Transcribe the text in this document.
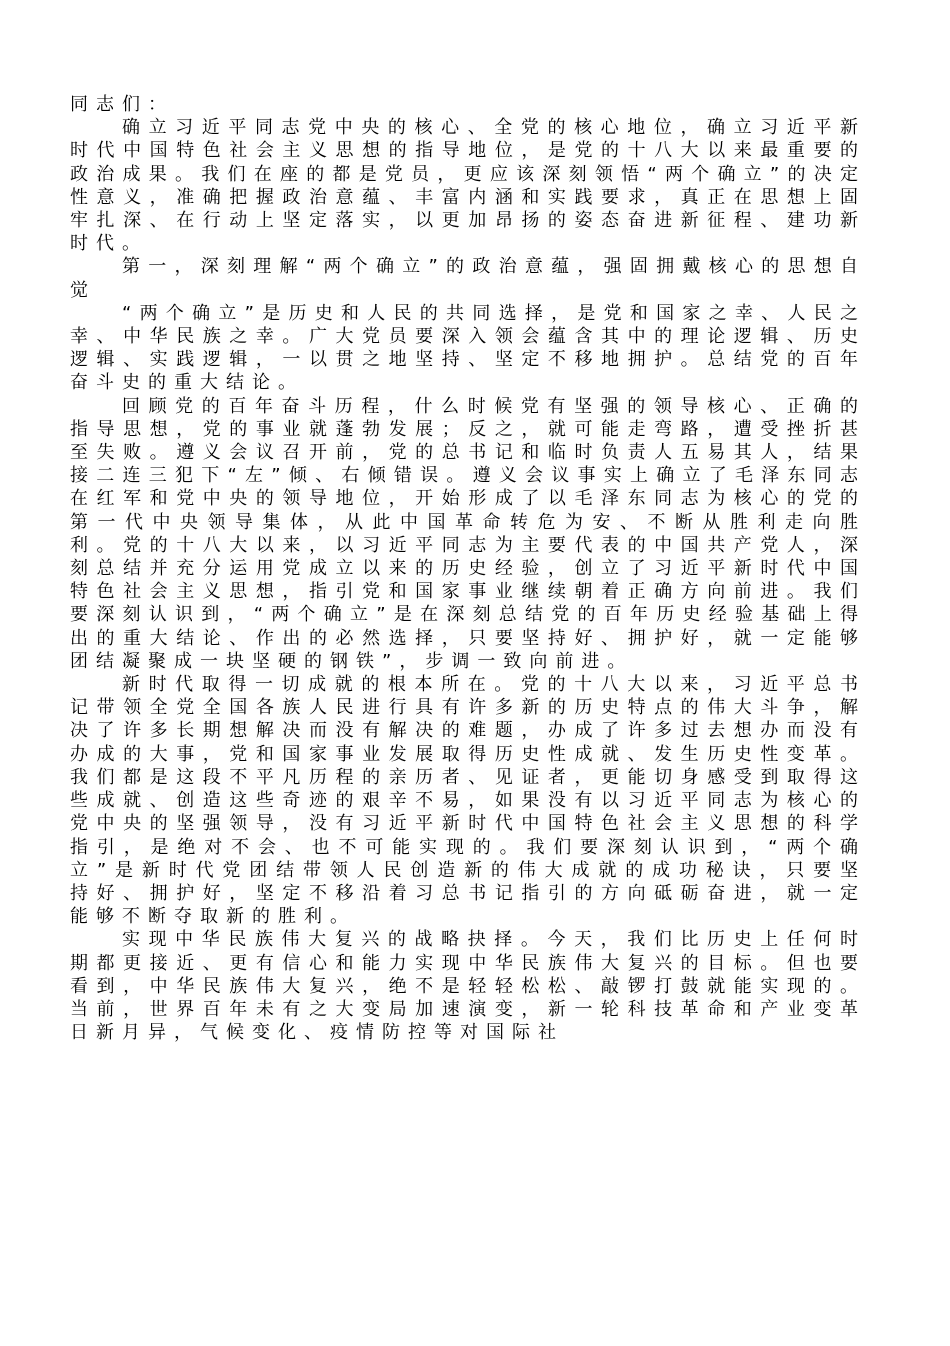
同志们：

确立习近平同志党中央的核心、全党的核心地位，确立习近平新时代中国特色社会主义思想的指导地位，是党的十八大以来最重要的政治成果。我们在座的都是党员，更应该深刻领悟“两个确立”的决定性意义，准确把握政治意蕴、丰富内涵和实践要求，真正在思想上固牢扎深、在行动上坚定落实，以更加昂扬的姿态奋进新征程、建功新时代。

第一，深刻理解“两个确立”的政治意蕴，强固拥戴核心的思想自觉

“两个确立”是历史和人民的共同选择，是党和国家之幸、人民之幸、中华民族之幸。广大党员要深入领会蕴含其中的理论逻辑、历史逻辑、实践逻辑，一以贯之地坚持、坚定不移地拥护。总结党的百年奋斗史的重大结论。

回顾党的百年奋斗历程，什么时候党有坚强的领导核心、正确的指导思想，党的事业就蓬勃发展；反之，就可能走弯路，遭受挫折甚至失败。遵义会议召开前，党的总书记和临时负责人五易其人，结果接二连三犯下“左”倾、右倾错误。遵义会议事实上确立了毛泽东同志在红军和党中央的领导地位，开始形成了以毛泽东同志为核心的党的第一代中央领导集体，从此中国革命转危为安、不断从胜利走向胜利。党的十八大以来，以习近平同志为主要代表的中国共产党人，深刻总结并充分运用党成立以来的历史经验，创立了习近平新时代中国特色社会主义思想，指引党和国家事业继续朝着正确方向前进。我们要深刻认识到，“两个确立”是在深刻总结党的百年历史经验基础上得出的重大结论、作出的必然选择，只要坚持好、拥护好，就一定能够团结凝聚成一块坚硬的钢铁”，步调一致向前进。

新时代取得一切成就的根本所在。党的十八大以来，习近平总书记带领全党全国各族人民进行具有许多新的历史特点的伟大斗争，解决了许多长期想解决而没有解决的难题，办成了许多过去想办而没有办成的大事，党和国家事业发展取得历史性成就、发生历史性变革。我们都是这段不平凡历程的亲历者、见证者，更能切身感受到取得这些成就、创造这些奇迹的艰辛不易，如果没有以习近平同志为核心的党中央的坚强领导，没有习近平新时代中国特色社会主义思想的科学指引，是绝对不会、也不可能实现的。我们要深刻认识到，“两个确立”是新时代党团结带领人民创造新的伟大成就的成功秘诀，只要坚持好、拥护好，坚定不移沿着习总书记指引的方向砥砺奋进，就一定能够不断夺取新的胜利。

实现中华民族伟大复兴的战略抉择。今天，我们比历史上任何时期都更接近、更有信心和能力实现中华民族伟大复兴的目标。但也要看到，中华民族伟大复兴，绝不是轻轻松松、敲锣打鼓就能实现的。当前，世界百年未有之大变局加速演变，新一轮科技革命和产业变革日新月异，气候变化、疫情防控等对国际社
